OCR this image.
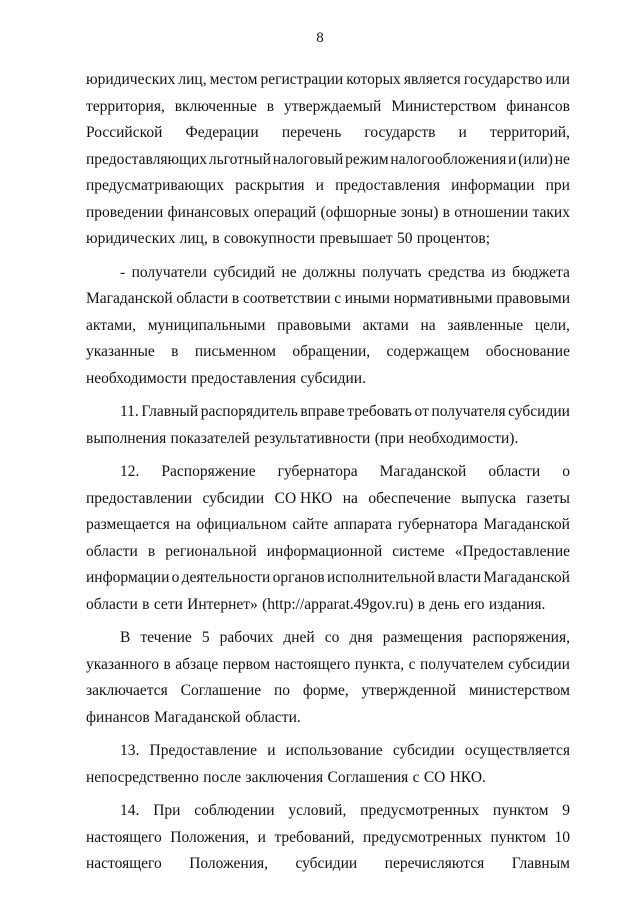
8
юридических лиц, местом регистрации которых является государство или
территория, включенные в утверждаемый Министерством финансов
Российской Федерации перечень государств и территорий,
предоставляющих льготный налоговый режим налогообложения и (или) не
предусматривающих раскрытия и предоставления информации при
проведении финансовых операций (офшорные зоны) в отношении таких
юридических лиц, в совокупности превышает 50 процентов;
- получатели субсидий не должны получать средства из бюджета
Магаданской области в соответствии с иными нормативными правовыми
актами, муниципальными правовыми актами на заявленные цели,
указанные в письменном обращении, содержащем обоснование
необходимости предоставления субсидии.
11. Главный распорядитель вправе требовать от получателя субсидии
выполнения показателей результативности (при необходимости).
12. Распоряжение губернатора Магаданской области о
предоставлении субсидии СО НКО на обеспечение выпуска газеты
размещается на официальном сайте аппарата губернатора Магаданской
области в региональной информационной системе «Предоставление
информации о деятельности органов исполнительной власти Магаданской
области в сети Интернет» (http://apparat.49gov.ru) в день его издания.
В течение 5 рабочих дней со дня размещения распоряжения,
указанного в абзаце первом настоящего пункта, с получателем субсидии
заключается Соглашение по форме, утвержденной министерством
финансов Магаданской области.
13. Предоставление и использование субсидии осуществляется
непосредственно после заключения Соглашения с СО НКО.
14. При соблюдении условий, предусмотренных пунктом 9
настоящего Положения, и требований, предусмотренных пунктом 10
настоящего Положения, субсидии перечисляются Главным
